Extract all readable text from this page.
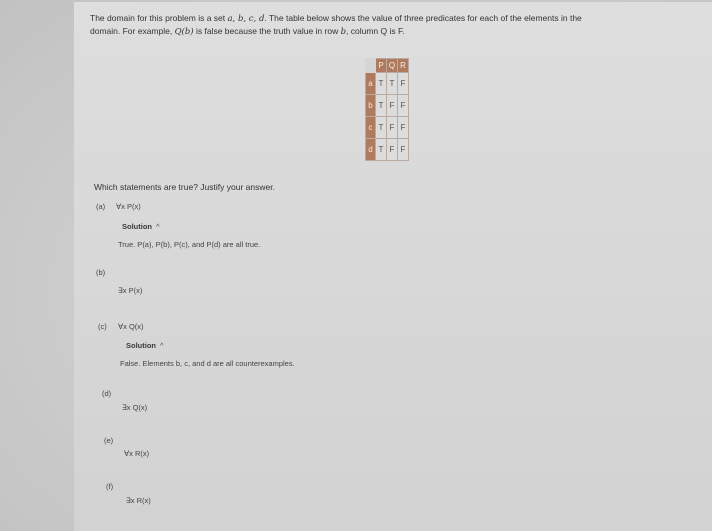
The domain for this problem is a set a, b, c, d. The table below shows the value of three predicates for each of the elements in the
domain. For example, Q(b) is false because the truth value in row b, column Q is F.
	P	Q	R
a	T	T	F
b	T	F	F
c	T	F	F
d	T	F	F
Which statements are true? Justify your answer.
(a) ∀x P(x)
Solution ^
True. P(a), P(b), P(c), and P(d) are all true.
(b)
∃x P(x)
(c) ∀x Q(x)
Solution ^
False. Elements b, c, and d are all counterexamples.
(d)
∃x Q(x)
(e)
∀x R(x)
(f)
∃x R(x)
